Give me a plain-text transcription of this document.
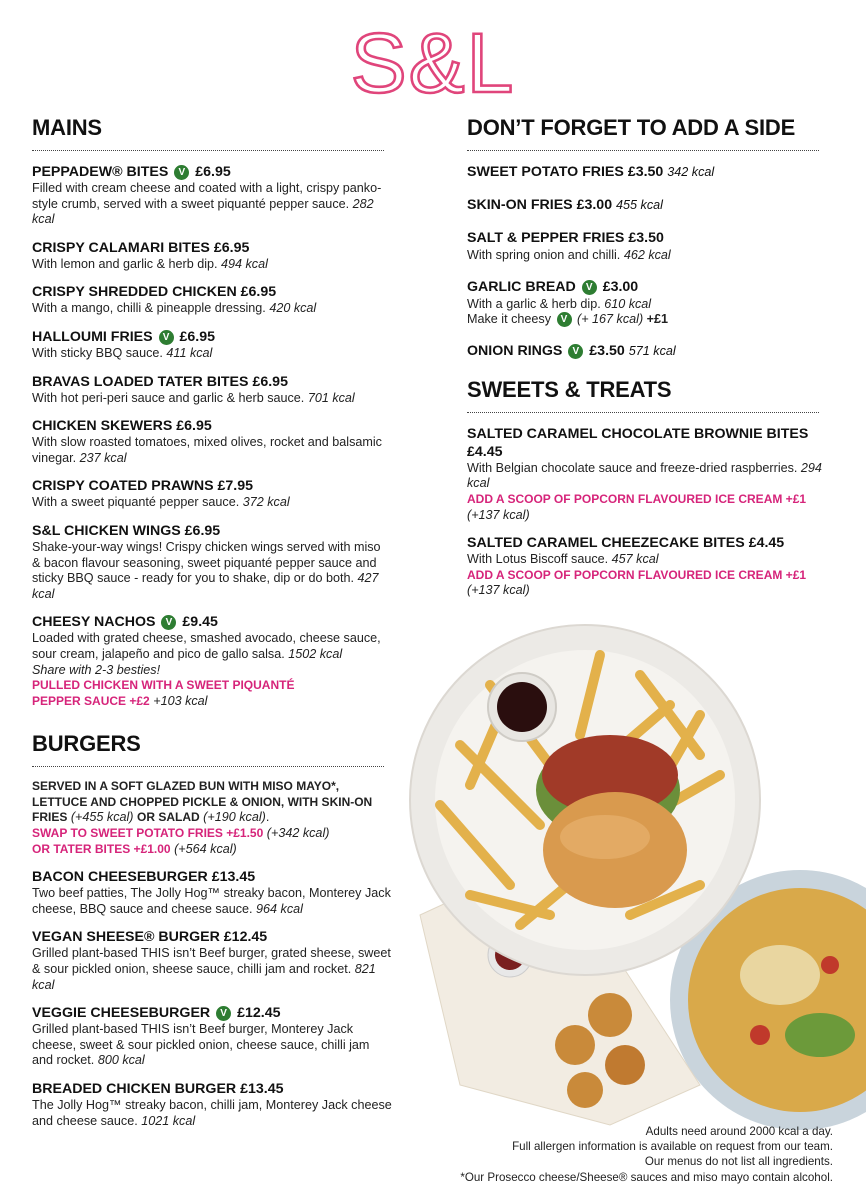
S&L
MAINS

PEPPADEW® BITES V £6.95

Filled with cream cheese and coated with a light, crispy panko-style crumb, served with a sweet piquanté pepper sauce. 282 kcal

CRISPY CALAMARI BITES £6.95

With lemon and garlic & herb dip. 494 kcal

CRISPY SHREDDED CHICKEN £6.95

With a mango, chilli & pineapple dressing. 420 kcal

HALLOUMI FRIES V £6.95

With sticky BBQ sauce. 411 kcal

BRAVAS LOADED TATER BITES £6.95

With hot peri-peri sauce and garlic & herb sauce. 701 kcal

CHICKEN SKEWERS £6.95

With slow roasted tomatoes, mixed olives, rocket and balsamic vinegar. 237 kcal

CRISPY COATED PRAWNS £7.95

With a sweet piquanté pepper sauce. 372 kcal

S&L CHICKEN WINGS £6.95

Shake-your-way wings! Crispy chicken wings served with miso & bacon flavour seasoning, sweet piquanté pepper sauce and sticky BBQ sauce - ready for you to shake, dip or do both. 427 kcal

CHEESY NACHOS V £9.45

Loaded with grated cheese, smashed avocado, cheese sauce, sour cream, jalapeño and pico de gallo salsa. 1502 kcal

Share with 2-3 besties!

PULLED CHICKEN WITH A SWEET PIQUANTÉ PEPPER SAUCE +£2 +103 kcal

BURGERS

SERVED IN A SOFT GLAZED BUN WITH MISO MAYO*, LETTUCE AND CHOPPED PICKLE & ONION, WITH SKIN-ON FRIES (+455 kcal) OR SALAD (+190 kcal).

SWAP TO SWEET POTATO FRIES +£1.50 (+342 kcal)

OR TATER BITES +£1.00 (+564 kcal)

BACON CHEESEBURGER £13.45

Two beef patties, The Jolly Hog™ streaky bacon, Monterey Jack cheese, BBQ sauce and cheese sauce. 964 kcal

VEGAN SHEESE® BURGER £12.45

Grilled plant-based THIS isn’t Beef burger, grated sheese, sweet & sour pickled onion, sheese sauce, chilli jam and rocket. 821 kcal

VEGGIE CHEESEBURGER V £12.45

Grilled plant-based THIS isn’t Beef burger, Monterey Jack cheese, sweet & sour pickled onion, cheese sauce, chilli jam and rocket. 800 kcal

BREADED CHICKEN BURGER £13.45

The Jolly Hog™ streaky bacon, chilli jam, Monterey Jack cheese and cheese sauce. 1021 kcal

DON’T FORGET TO ADD A SIDE

SWEET POTATO FRIES £3.50 342 kcal

SKIN-ON FRIES £3.00 455 kcal

SALT & PEPPER FRIES £3.50

With spring onion and chilli. 462 kcal

GARLIC BREAD V £3.00

With a garlic & herb dip. 610 kcal

Make it cheesy V (+ 167 kcal) +£1

ONION RINGS V £3.50 571 kcal

SWEETS & TREATS

SALTED CARAMEL CHOCOLATE BROWNIE BITES £4.45

With Belgian chocolate sauce and freeze-dried raspberries. 294 kcal

ADD A SCOOP OF POPCORN FLAVOURED ICE CREAM +£1

(+137 kcal)

SALTED CARAMEL CHEEZECAKE BITES £4.45

With Lotus Biscoff sauce. 457 kcal

ADD A SCOOP OF POPCORN FLAVOURED ICE CREAM +£1

(+137 kcal)

Adults need around 2000 kcal a day.

Full allergen information is available on request from our team.

Our menus do not list all ingredients.

*Our Prosecco cheese/Sheese® sauces and miso mayo contain alcohol.
